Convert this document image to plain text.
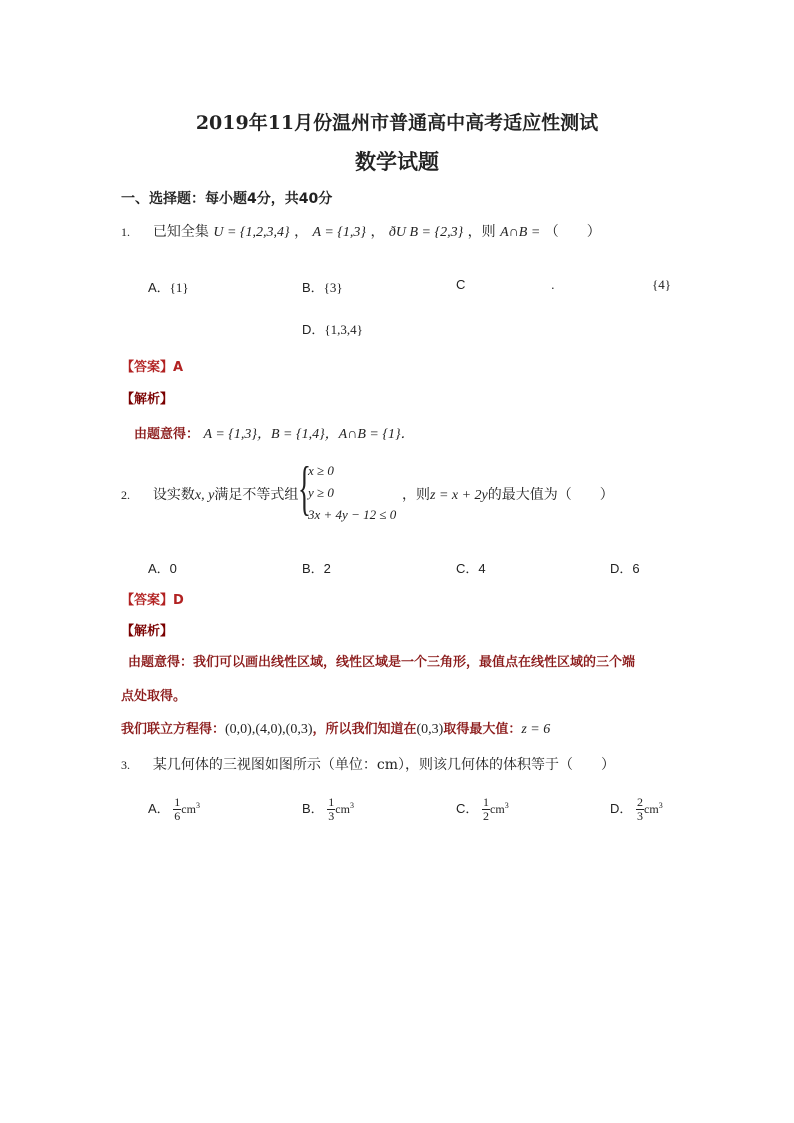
2019年11月份温州市普通高中高考适应性测试
数学试题
一、选择题：每小题4分，共40分
1. 已知全集 U = {1,2,3,4} ， A = {1,3} ， ðU B = {2,3} ，则 A∩B = （　　）
A．{1}	B．{3}	C	.	{4}
D．{1,3,4}
【答案】A
【解析】
由题意得： A = {1,3}，B = {1,4}，A∩B = {1}．
2. 设实数x, y满足不等式组 {
x ≥ 0
y ≥ 0
3x + 4y − 12 ≤ 0
，则z = x + 2y的最大值为（　　）
A．0	B．2	C．4	D．6
【答案】D
【解析】
由题意得：我们可以画出线性区域，线性区域是一个三角形，最值点在线性区域的三个端
点处取得。
我们联立方程得：(0,0),(4,0),(0,3)，所以我们知道在(0,3)取得最大值：z = 6
3. 某几何体的三视图如图所示（单位：cm），则该几何体的体积等于（　　）
A． $\frac{1}{6} cm^3$	B． $\frac{1}{3} cm^3$	C． $\frac{1}{2} cm^3$	D． $\frac{2}{3} cm^3$
